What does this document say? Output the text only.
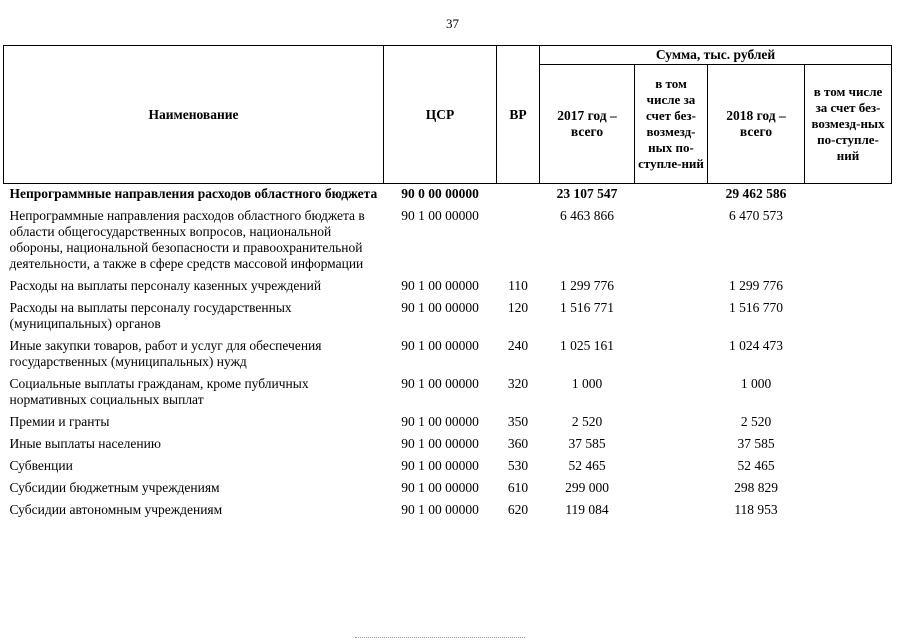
37
Наименование	ЦСР	ВР	Сумма, тыс. рублей			
			2017 год – всего	в том числе за счет без-возмезд-ных по-ступле-ний	2018 год – всего	в том числе за счет без-возмезд-ных по-ступле-ний
Непрограммные направления расходов областного бюджета	90 0 00 00000		23 107 547		29 462 586	
Непрограммные направления расходов областного бюджета в области общегосударственных вопросов, национальной обороны, национальной безопасности и правоохранительной деятельности, а также в сфере средств массовой информации	90 1 00 00000		6 463 866		6 470 573	
Расходы на выплаты персоналу казенных учреждений	90 1 00 00000	110	1 299 776		1 299 776	
Расходы на выплаты персоналу государственных (муниципальных) органов	90 1 00 00000	120	1 516 771		1 516 770	
Иные закупки товаров, работ и услуг для обеспечения государственных (муниципальных) нужд	90 1 00 00000	240	1 025 161		1 024 473	
Социальные выплаты гражданам, кроме публичных нормативных социальных выплат	90 1 00 00000	320	1 000		1 000	
Премии и гранты	90 1 00 00000	350	2 520		2 520	
Иные выплаты населению	90 1 00 00000	360	37 585		37 585	
Субвенции	90 1 00 00000	530	52 465		52 465	
Субсидии бюджетным учреждениям	90 1 00 00000	610	299 000		298 829	
Субсидии автономным учреждениям	90 1 00 00000	620	119 084		118 953	
